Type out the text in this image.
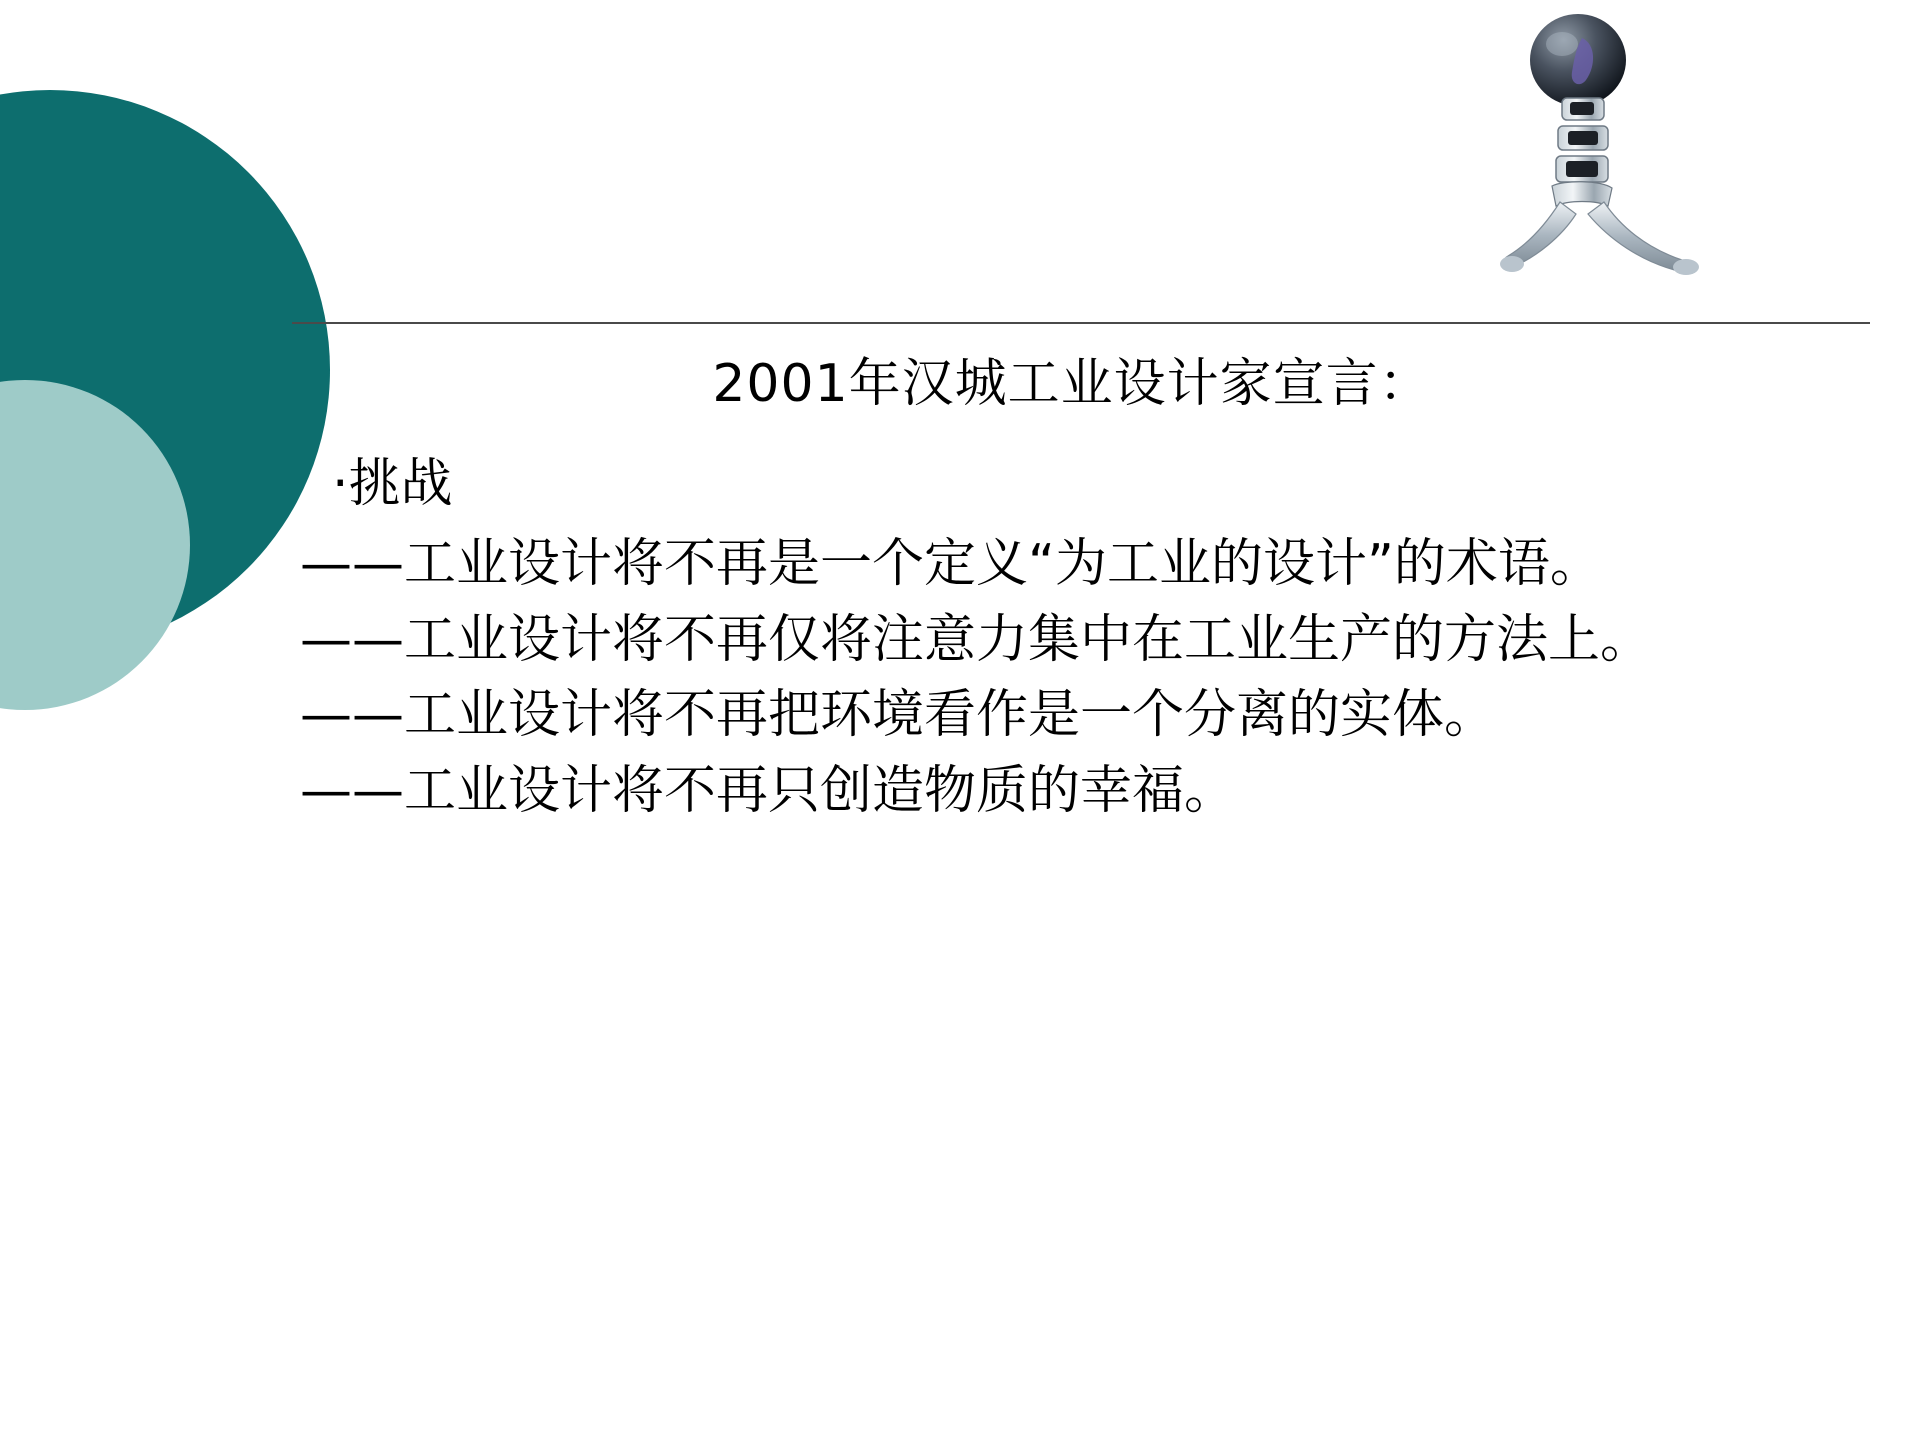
2001年汉城工业设计家宣言：
·挑战
——工业设计将不再是一个定义“为工业的设计”的术语。
——工业设计将不再仅将注意力集中在工业生产的方法上。
——工业设计将不再把环境看作是一个分离的实体。
——工业设计将不再只创造物质的幸福。
